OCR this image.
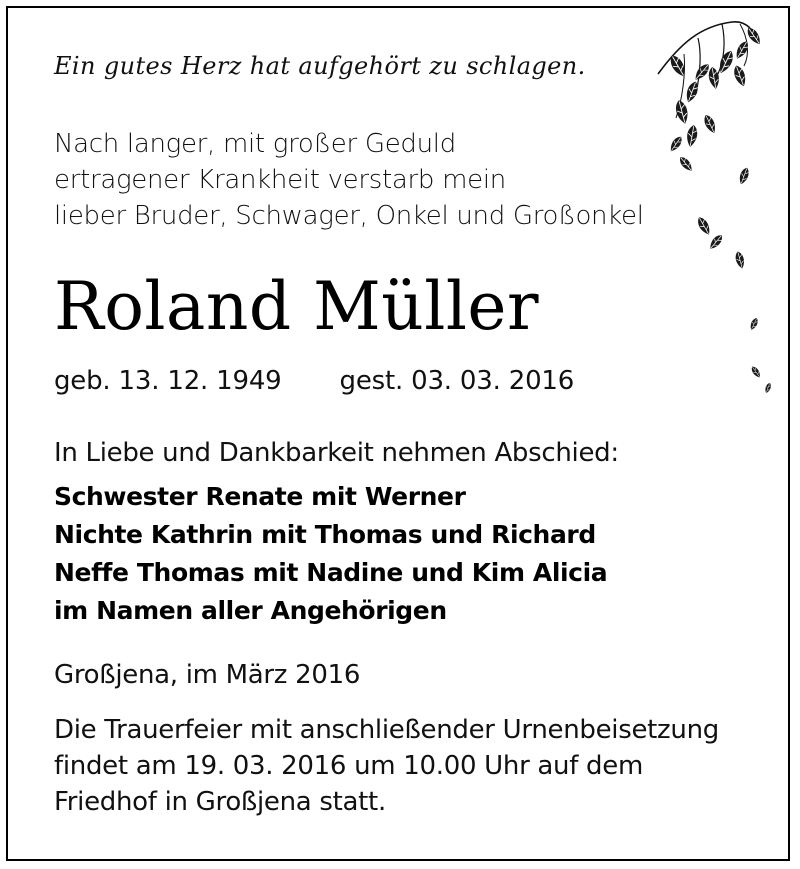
Ein gutes Herz hat aufgehört zu schlagen.
Nach langer, mit großer Geduld
ertragener Krankheit verstarb mein
lieber Bruder, Schwager, Onkel und Großonkel
Roland Müller
geb. 13. 12. 1949 gest. 03. 03. 2016
In Liebe und Dankbarkeit nehmen Abschied:
Schwester Renate mit Werner
Nichte Kathrin mit Thomas und Richard
Neffe Thomas mit Nadine und Kim Alicia
im Namen aller Angehörigen
Großjena, im März 2016
Die Trauerfeier mit anschließender Urnenbeisetzung
findet am 19. 03. 2016 um 10.00 Uhr auf dem
Friedhof in Großjena statt.
